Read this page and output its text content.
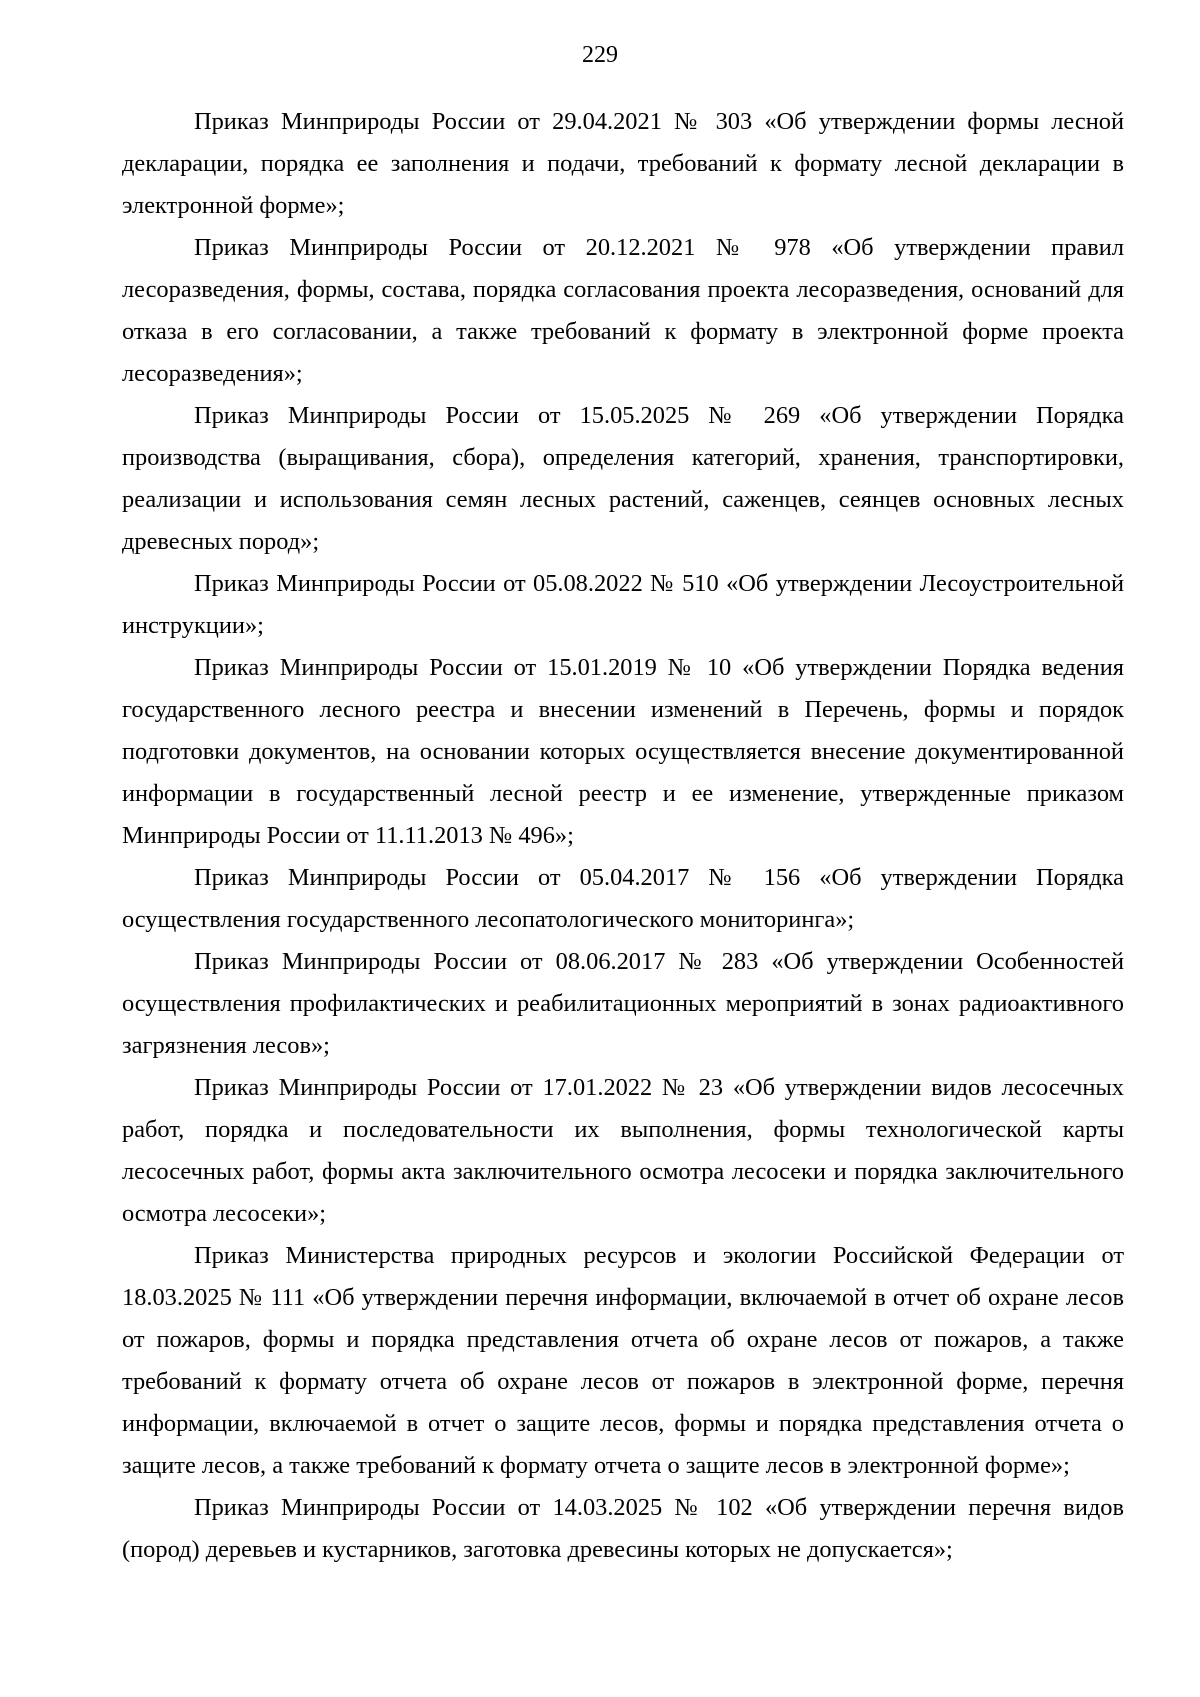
229

Приказ Минприроды России от 29.04.2021 № 303 «Об утверждении формы лесной декларации, порядка ее заполнения и подачи, требований к формату лесной декларации в электронной форме»;

Приказ Минприроды России от 20.12.2021 № 978 «Об утверждении правил лесоразведения, формы, состава, порядка согласования проекта лесоразведения, оснований для отказа в его согласовании, а также требований к формату в электронной форме проекта лесоразведения»;

Приказ Минприроды России от 15.05.2025 № 269 «Об утверждении Порядка производства (выращивания, сбора), определения категорий, хранения, транспортировки, реализации и использования семян лесных растений, саженцев, сеянцев основных лесных древесных пород»;

Приказ Минприроды России от 05.08.2022 № 510 «Об утверждении Лесоустроительной инструкции»;

Приказ Минприроды России от 15.01.2019 № 10 «Об утверждении Порядка ведения государственного лесного реестра и внесении изменений в Перечень, формы и порядок подготовки документов, на основании которых осуществляется внесение документированной информации в государственный лесной реестр и ее изменение, утвержденные приказом Минприроды России от 11.11.2013 № 496»;

Приказ Минприроды России от 05.04.2017 № 156 «Об утверждении Порядка осуществления государственного лесопатологического мониторинга»;

Приказ Минприроды России от 08.06.2017 № 283 «Об утверждении Особенностей осуществления профилактических и реабилитационных мероприятий в зонах радиоактивного загрязнения лесов»;

Приказ Минприроды России от 17.01.2022 № 23 «Об утверждении видов лесосечных работ, порядка и последовательности их выполнения, формы технологической карты лесосечных работ, формы акта заключительного осмотра лесосеки и порядка заключительного осмотра лесосеки»;

Приказ Министерства природных ресурсов и экологии Российской Федерации от 18.03.2025 № 111 «Об утверждении перечня информации, включаемой в отчет об охране лесов от пожаров, формы и порядка представления отчета об охране лесов от пожаров, а также требований к формату отчета об охране лесов от пожаров в электронной форме, перечня информации, включаемой в отчет о защите лесов, формы и порядка представления отчета о защите лесов, а также требований к формату отчета о защите лесов в электронной форме»;

Приказ Минприроды России от 14.03.2025 № 102 «Об утверждении перечня видов (пород) деревьев и кустарников, заготовка древесины которых не допускается»;
